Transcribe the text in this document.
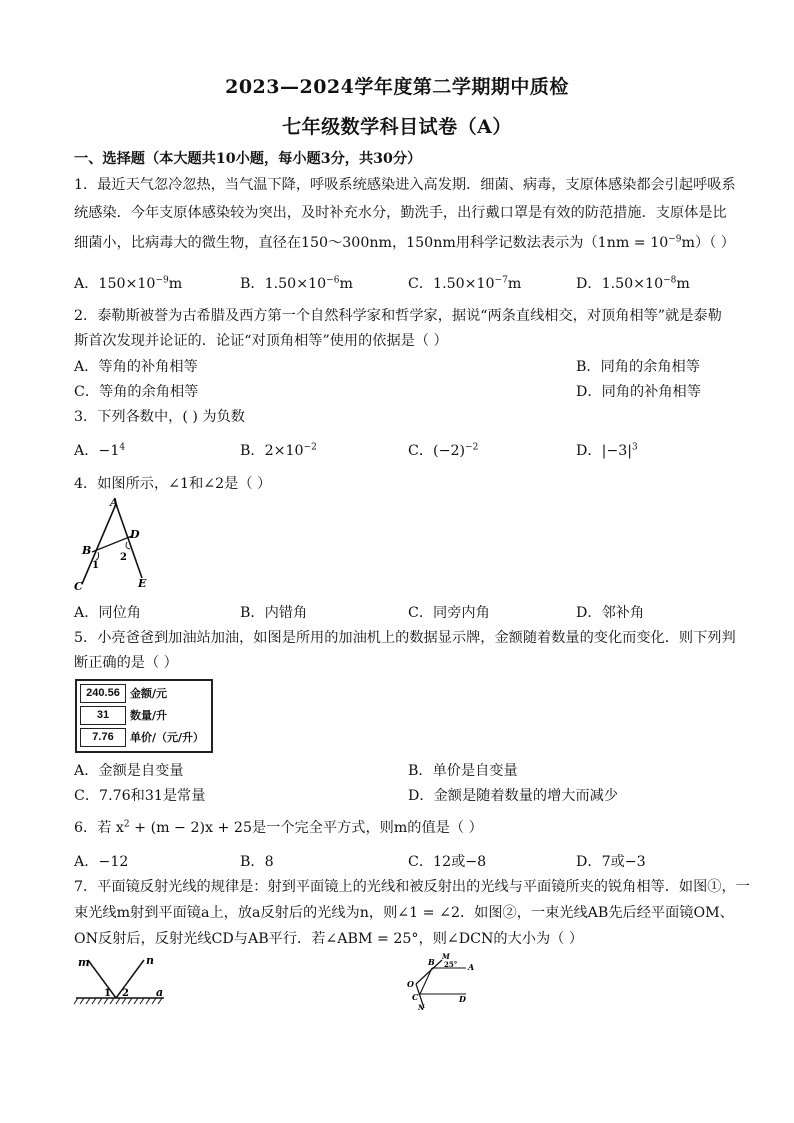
2023—2024学年度第二学期期中质检
七年级数学科目试卷（A）
一、选择题（本大题共10小题，每小题3分，共30分）
1．最近天气忽冷忽热，当气温下降，呼吸系统感染进入高发期．细菌、病毒，支原体感染都会引起呼吸系
统感染．今年支原体感染较为突出，及时补充水分，勤洗手，出行戴口罩是有效的防范措施．支原体是比
细菌小，比病毒大的微生物，直径在150～300nm，150nm用科学记数法表示为$(1nm = 10^{-9}m)$（ ）
A．$150\times 10^{-9}m$	B．$1.50\times 10^{-6}m$	C．$1.50\times 10^{-7}m$	D．$1.50\times 10^{-8}m$
2．泰勒斯被誉为古希腊及西方第一个自然科学家和哲学家，据说“两条直线相交，对顶角相等”就是泰勒
斯首次发现并论证的．论证“对顶角相等”使用的依据是（ ）
A．等角的补角相等	B．同角的余角相等
C．等角的余角相等	D．同角的补角相等
3．下列各数中，( ) 为负数
A．$-1^4$	B．$2\times 10^{-2}$	C．$(-2)^{-2}$	D．$|-3|^3$
4．如图所示，∠1和∠2是（ ）
A
B
D
C	E
1
2
A．同位角	B．内错角	C．同旁内角	D．邻补角
5．小亮爸爸到加油站加油，如图是所用的加油机上的数据显示牌，金额随着数量的变化而变化．则下列判
断正确的是（ ）
240.56 金额/元
31	数量/升
7.76	单价/（元/升）
A．金额是自变量	B．单价是自变量
C．7.76和31是常量	D．金额是随着数量的增大而减少
6．若 $x^2 + (m - 2)x + 25$是一个完全平方式，则m的值是（ ）
A．−12	B．8	C．12或−8	D．7或−3
7．平面镜反射光线的规律是：射到平面镜上的光线和被反射出的光线与平面镜所夹的锐角相等．如图①，一
束光线m射到平面镜a上，放a反射后的光线为n，则∠1 = ∠2．如图②，一束光线AB先后经平面镜OM、
ON反射后，反射光线CD与AB平行．若∠ABM = 25°，则∠DCN的大小为（ ）
m	n
1 2 a
B 25° A
M
O
C	D
N
